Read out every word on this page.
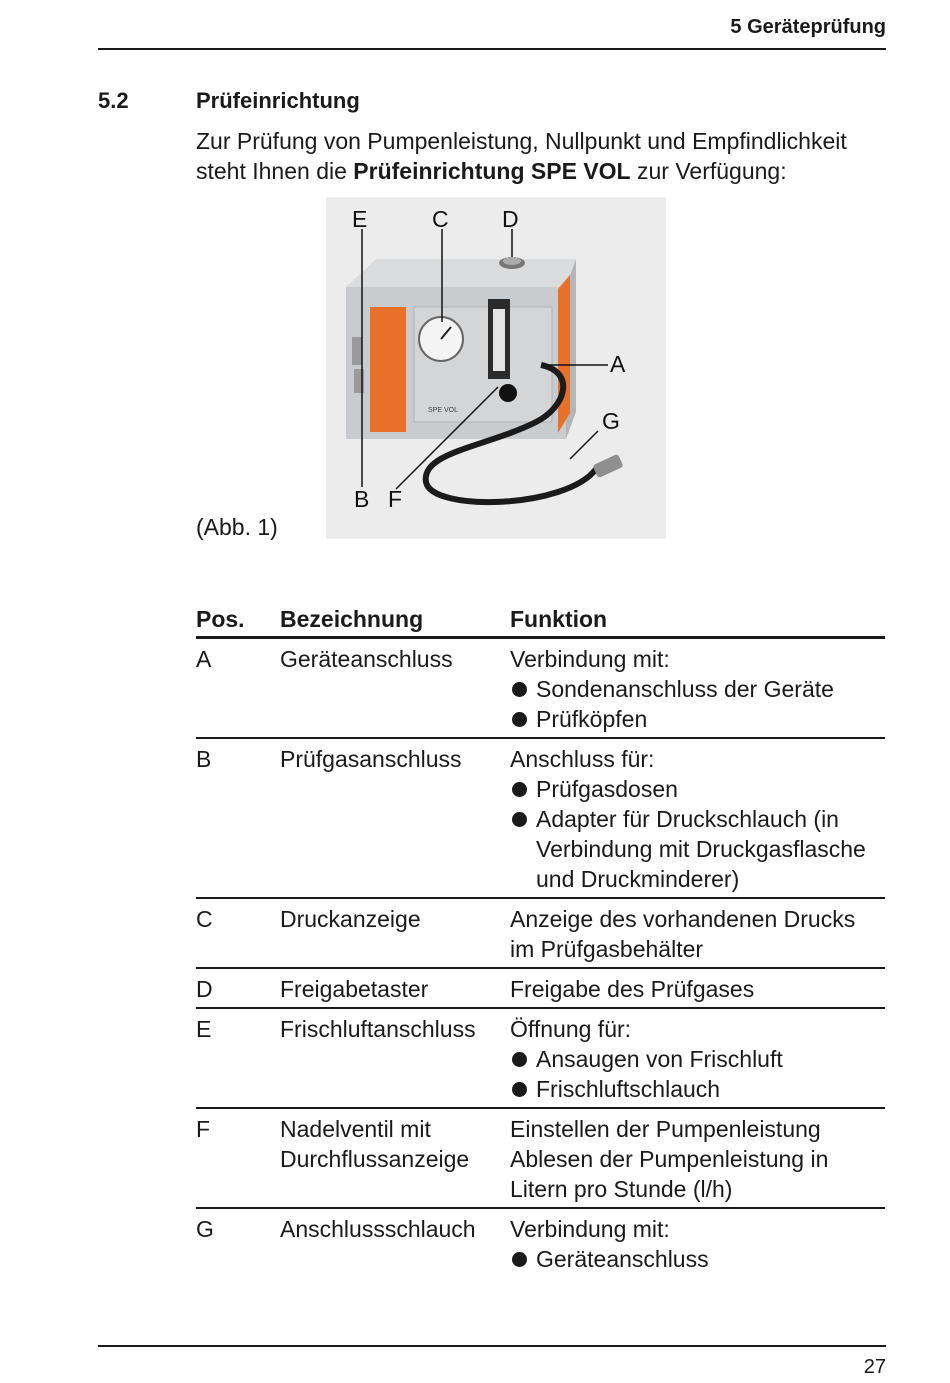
5 Geräteprüfung
5.2	Prüfeinrichtung
Zur Prüfung von Pumpenleistung, Nullpunkt und Empfindlichkeit steht Ihnen die Prüfeinrichtung SPE VOL zur Verfügung:
E	C D
A
G
B F
SPE VOL
(Abb. 1)
Pos.	Bezeichnung	Funktion
A	Geräteanschluss	Verbindung mit:
Sondenanschluss der Geräte
Prüfköpfen
B	Prüfgasanschluss	Anschluss für:
Prüfgasdosen
Adapter für Druckschlauch (in Verbindung mit Druckgasflasche und Druckminderer)
C	Druckanzeige	Anzeige des vorhandenen Drucks im Prüfgasbehälter
D	Freigabetaster	Freigabe des Prüfgases
E	Frischluftanschluss	Öffnung für:
Ansaugen von Frischluft
Frischluftschlauch
F	Nadelventil mit Durchflussanzeige
Einstellen der Pumpenleistung
Ablesen der Pumpenleistung in Litern pro Stunde (l/h)
G	Anschlussschlauch	Verbindung mit:
Geräteanschluss
27
